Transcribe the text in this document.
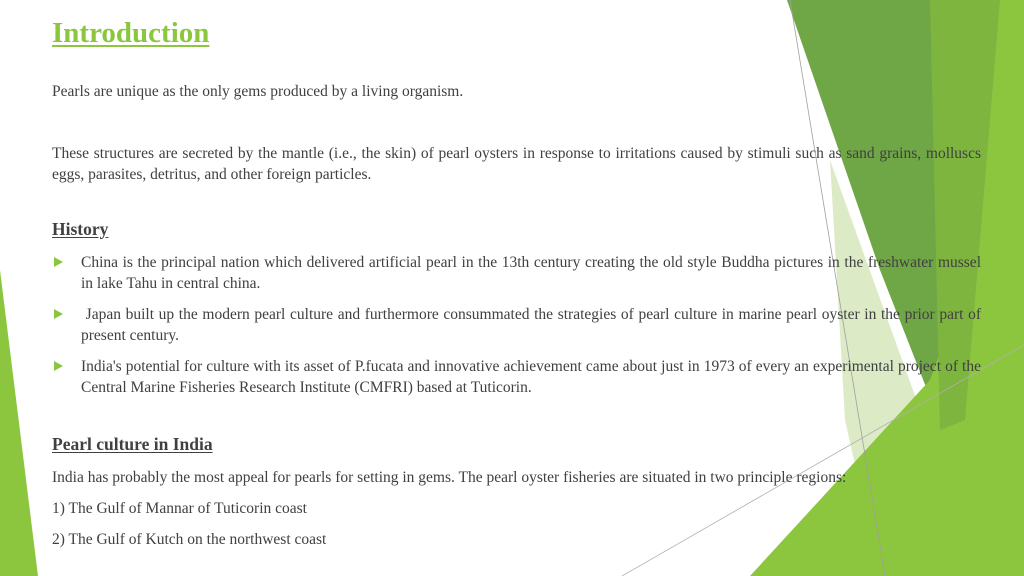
Introduction

Pearls are unique as the only gems produced by a living organism.

These structures are secreted by the mantle (i.e., the skin) of pearl oysters in response to irritations caused by stimuli such as sand grains, molluscs eggs, parasites, detritus, and other foreign particles.

History
China is the principal nation which delivered artificial pearl in the 13th century creating the old style Buddha pictures in the freshwater mussel in lake Tahu in central china.
Japan built up the modern pearl culture and furthermore consummated the strategies of pearl culture in marine pearl oyster in the prior part of present century.
India's potential for culture with its asset of P.fucata and innovative achievement came about just in 1973 of every an experimental project of the Central Marine Fisheries Research Institute (CMFRI) based at Tuticorin.
Pearl culture in India

India has probably the most appeal for pearls for setting in gems. The pearl oyster fisheries are situated in two principle regions:

1) The Gulf of Mannar of Tuticorin coast

2) The Gulf of Kutch on the northwest coast
